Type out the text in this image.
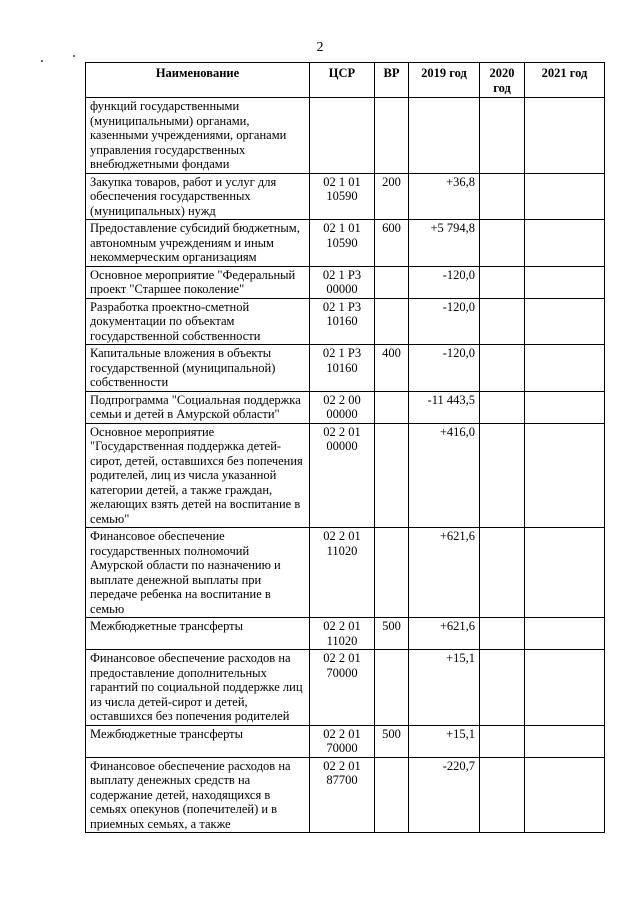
2
Наименование	ЦСР	ВР	2019 год	2020 год	2021 год
функций государственными (муниципальными) органами, казенными учреждениями, органами управления государственных внебюджетными фондами					
Закупка товаров, работ и услуг для обеспечения государственных (муниципальных) нужд	02 1 01 10590	200	+36,8		
Предоставление субсидий бюджетным, автономным учреждениям и иным некоммерческим организациям	02 1 01 10590	600	+5 794,8		
Основное мероприятие "Федеральный проект "Старшее поколение"	02 1 P3 00000		-120,0		
Разработка проектно-сметной документации по объектам государственной собственности	02 1 P3 10160		-120,0		
Капитальные вложения в объекты государственной (муниципальной) собственности	02 1 P3 10160	400	-120,0		
Подпрограмма "Социальная поддержка семьи и детей в Амурской области"	02 2 00 00000		-11 443,5		
Основное мероприятие "Государственная поддержка детей-сирот, детей, оставшихся без попечения родителей, лиц из числа указанной категории детей, а также граждан, желающих взять детей на воспитание в семью"	02 2 01 00000		+416,0		
Финансовое обеспечение государственных полномочий Амурской области по назначению и выплате денежной выплаты при передаче ребенка на воспитание в семью	02 2 01 11020		+621,6		
Межбюджетные трансферты	02 2 01 11020	500	+621,6		
Финансовое обеспечение расходов на предоставление дополнительных гарантий по социальной поддержке лиц из числа детей-сирот и детей, оставшихся без попечения родителей	02 2 01 70000		+15,1		
Межбюджетные трансферты	02 2 01 70000	500	+15,1		
Финансовое обеспечение расходов на выплату денежных средств на содержание детей, находящихся в семьях опекунов (попечителей) и в приемных семьях, а также	02 2 01 87700		-220,7		
